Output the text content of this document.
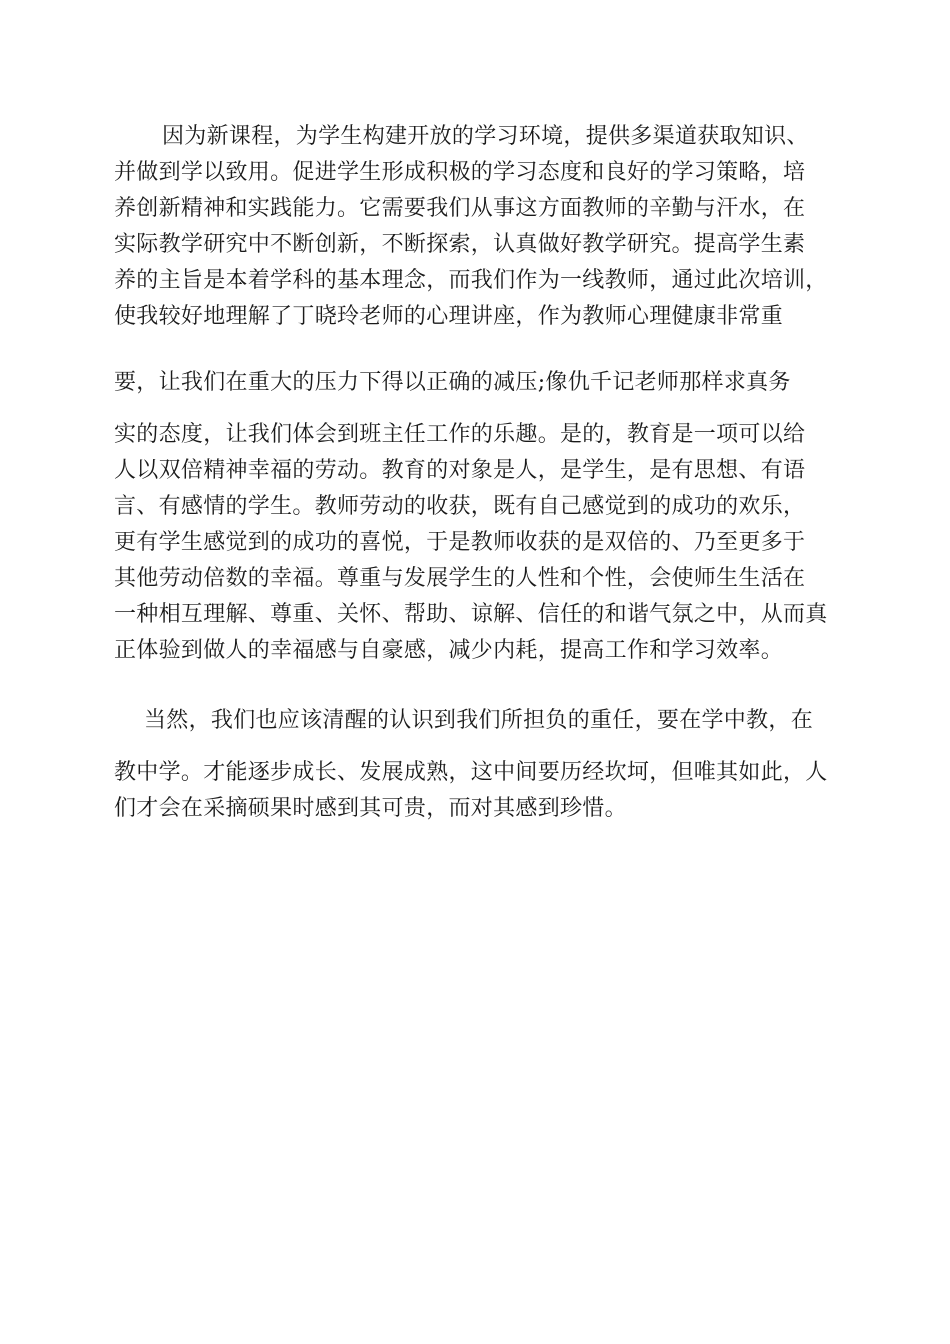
因为新课程，为学生构建开放的学习环境，提供多渠道获取知识、
并做到学以致用。促进学生形成积极的学习态度和良好的学习策略，培
养创新精神和实践能力。它需要我们从事这方面教师的辛勤与汗水，在
实际教学研究中不断创新，不断探索，认真做好教学研究。提高学生素
养的主旨是本着学科的基本理念，而我们作为一线教师，通过此次培训，
使我较好地理解了丁晓玲老师的心理讲座，作为教师心理健康非常重
要，让我们在重大的压力下得以正确的减压;像仇千记老师那样求真务
实的态度，让我们体会到班主任工作的乐趣。是的，教育是一项可以给
人以双倍精神幸福的劳动。教育的对象是人，是学生，是有思想、有语
言、有感情的学生。教师劳动的收获，既有自己感觉到的成功的欢乐，
更有学生感觉到的成功的喜悦，于是教师收获的是双倍的、乃至更多于
其他劳动倍数的幸福。尊重与发展学生的人性和个性，会使师生生活在
一种相互理解、尊重、关怀、帮助、谅解、信任的和谐气氛之中，从而真
正体验到做人的幸福感与自豪感，减少内耗，提高工作和学习效率。
当然，我们也应该清醒的认识到我们所担负的重任，要在学中教，在
教中学。才能逐步成长、发展成熟，这中间要历经坎坷，但唯其如此，人
们才会在采摘硕果时感到其可贵，而对其感到珍惜。
